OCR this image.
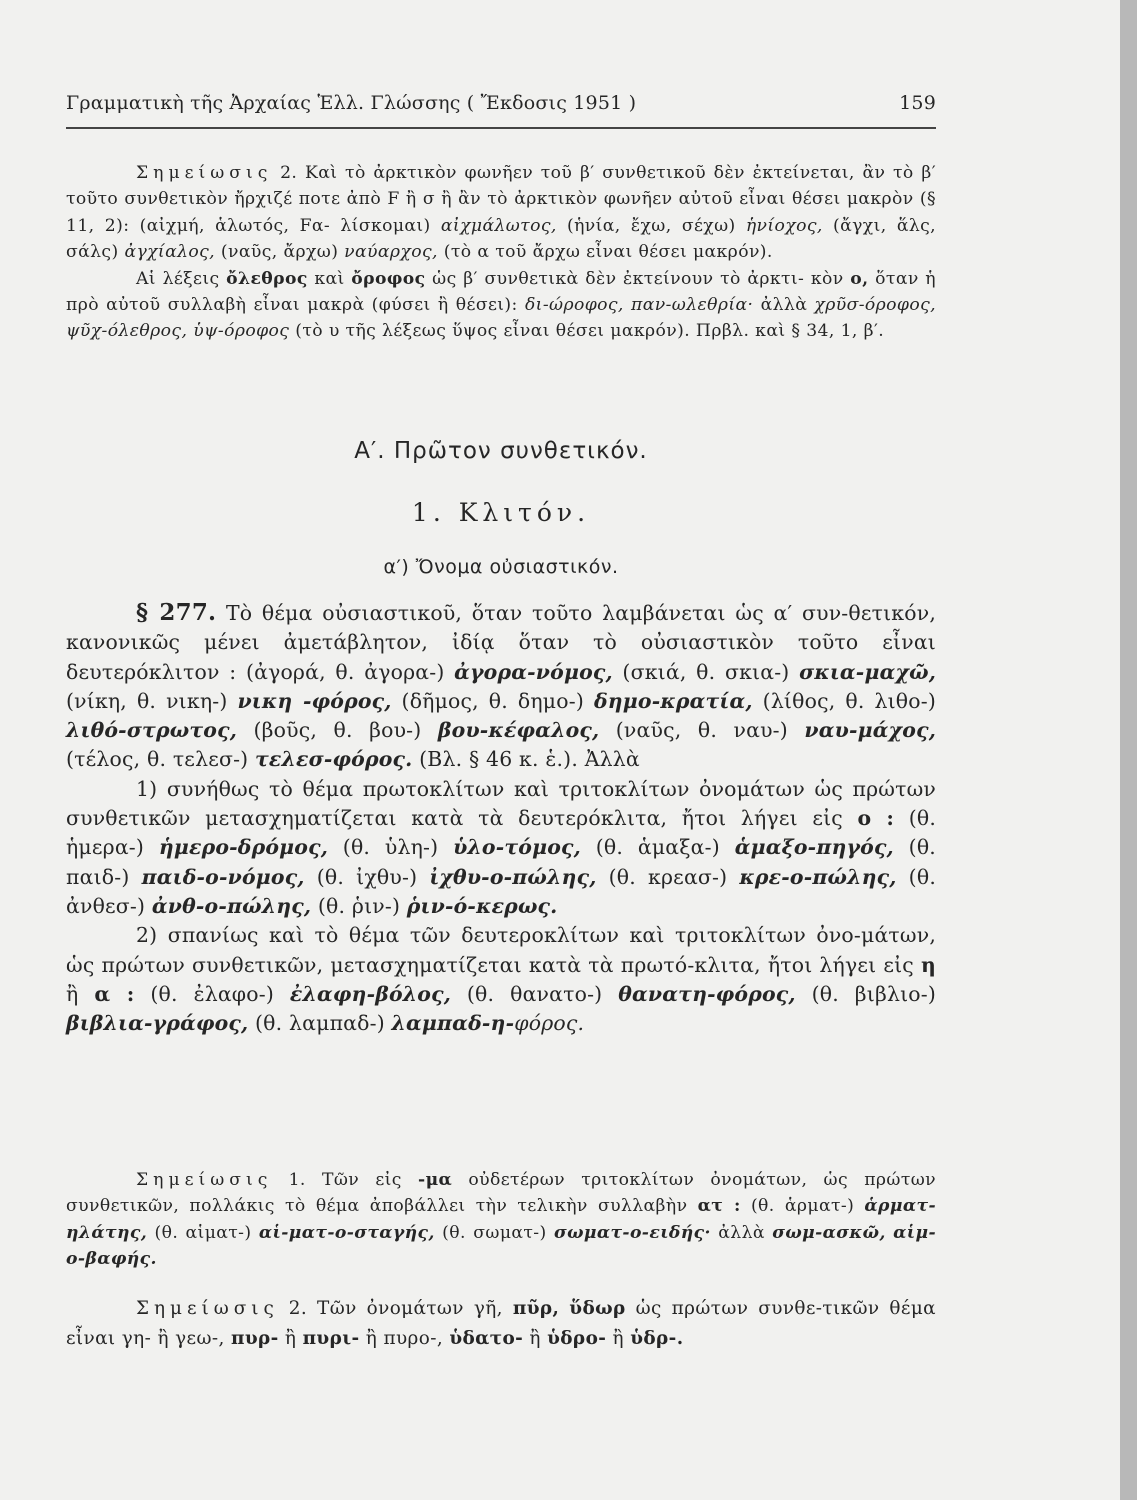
Γραμματικὴ τῆς Ἀρχαίας Ἑλλ. Γλώσσης ( Ἔκδοσις 1951 )	159

Σημείωσις 2. Καὶ τὸ ἀρκτικὸν φωνῆεν τοῦ β′ συνθετικοῦ δὲν ἐκτείνεται, ἂν τὸ β′ τοῦτο συνθετικὸν ἤρχιζέ ποτε ἀπὸ F ἢ σ ἢ ἂν τὸ ἀρκτικὸν φωνῆεν αὐτοῦ εἶναι θέσει μακρὸν (§ 11, 2): (αἰχμή, ἁλωτός, Fα- λίσκομαι) αἰχμάλωτος, (ἡνία, ἔχω, σέχω) ἡνίοχος, (ἄγχι, ἅλς, σάλς) ἀγχίαλος, (ναῦς, ἄρχω) ναύαρχος, (τὸ α τοῦ ἄρχω εἶναι θέσει μακρόν).

Αἱ λέξεις ὄλεθρος καὶ ὄροφος ὡς β′ συνθετικὰ δὲν ἐκτείνουν τὸ ἀρκτι- κὸν ο, ὅταν ἡ πρὸ αὐτοῦ συλλαβὴ εἶναι μακρὰ (φύσει ἢ θέσει): δι-ώροφος, παν-ωλεθρία· ἀλλὰ χρῦσ-όροφος, ψῦχ-όλεθρος, ὑψ-όροφος (τὸ υ τῆς λέξεως ὕψος εἶναι θέσει μακρόν). Πρβλ. καὶ § 34, 1, β′.

Α′. Πρῶτον συνθετικόν.
1. Κλιτόν.
α′) Ὄνομα οὐσιαστικόν.

§ 277. Τὸ θέμα οὐσιαστικοῦ, ὅταν τοῦτο λαμβάνεται ὡς α′ συν-θετικόν, κανονικῶς μένει ἀμετάβλητον, ἰδίᾳ ὅταν τὸ οὐσιαστικὸν τοῦτο εἶναι δευτερόκλιτον : (ἀγορά, θ. ἀγορα-) ἀγορα-νόμος, (σκιά, θ. σκια-) σκια-μαχῶ, (νίκη, θ. νικη-) νικη -φόρος, (δῆμος, θ. δημο-) δημο-κρατία, (λίθος, θ. λιθο-) λιθό-στρωτος, (βοῦς, θ. βου-) βου-κέφαλος, (ναῦς, θ. ναυ-) ναυ-μάχος, (τέλος, θ. τελεσ-) τελεσ-φόρος. (Βλ. § 46 κ. ἑ.). Ἀλλὰ

1) συνήθως τὸ θέμα πρωτοκλίτων καὶ τριτοκλίτων ὀνομάτων ὡς πρώτων συνθετικῶν μετασχηματίζεται κατὰ τὰ δευτερόκλιτα, ἤτοι λήγει εἰς ο : (θ. ἡμερα-) ἡμερο-δρόμος, (θ. ὑλη-) ὑλο-τόμος, (θ. ἁμαξα-) ἁμαξο-πηγός, (θ. παιδ-) παιδ-ο-νόμος, (θ. ἰχθυ-) ἰχθυ-ο-πώλης, (θ. κρεασ-) κρε-ο-πώλης, (θ. ἀνθεσ-) ἀνθ-ο-πώλης, (θ. ῥιν-) ῥιν-ό-κερως.

2) σπανίως καὶ τὸ θέμα τῶν δευτεροκλίτων καὶ τριτοκλίτων ὀνο-μάτων, ὡς πρώτων συνθετικῶν, μετασχηματίζεται κατὰ τὰ πρωτό-κλιτα, ἤτοι λήγει εἰς η ἢ α : (θ. ἐλαφο-) ἐλαφη-βόλος, (θ. θανατο-) θανατη-φόρος, (θ. βιβλιο-) βιβλια-γράφος, (θ. λαμπαδ-) λαμπαδ-η-φόρος.

Σημείωσις 1. Τῶν εἰς -μα οὐδετέρων τριτοκλίτων ὀνομάτων, ὡς πρώτων συνθετικῶν, πολλάκις τὸ θέμα ἀποβάλλει τὴν τελικὴν συλλαβὴν ατ : (θ. ἁρματ-) ἁρματ-ηλάτης, (θ. αἱματ-) αἱ-ματ-ο-σταγής, (θ. σωματ-) σωματ-ο-ειδής· ἀλλὰ σωμ-ασκῶ, αἱμ-ο-βαφής.

Σημείωσις 2. Τῶν ὀνομάτων γῆ, πῦρ, ὕδωρ ὡς πρώτων συνθε-τικῶν θέμα εἶναι γη- ἢ γεω-, πυρ- ἢ πυρι- ἢ πυρο-, ὑδατο- ἢ ὑδρο- ἢ ὑδρ-.
